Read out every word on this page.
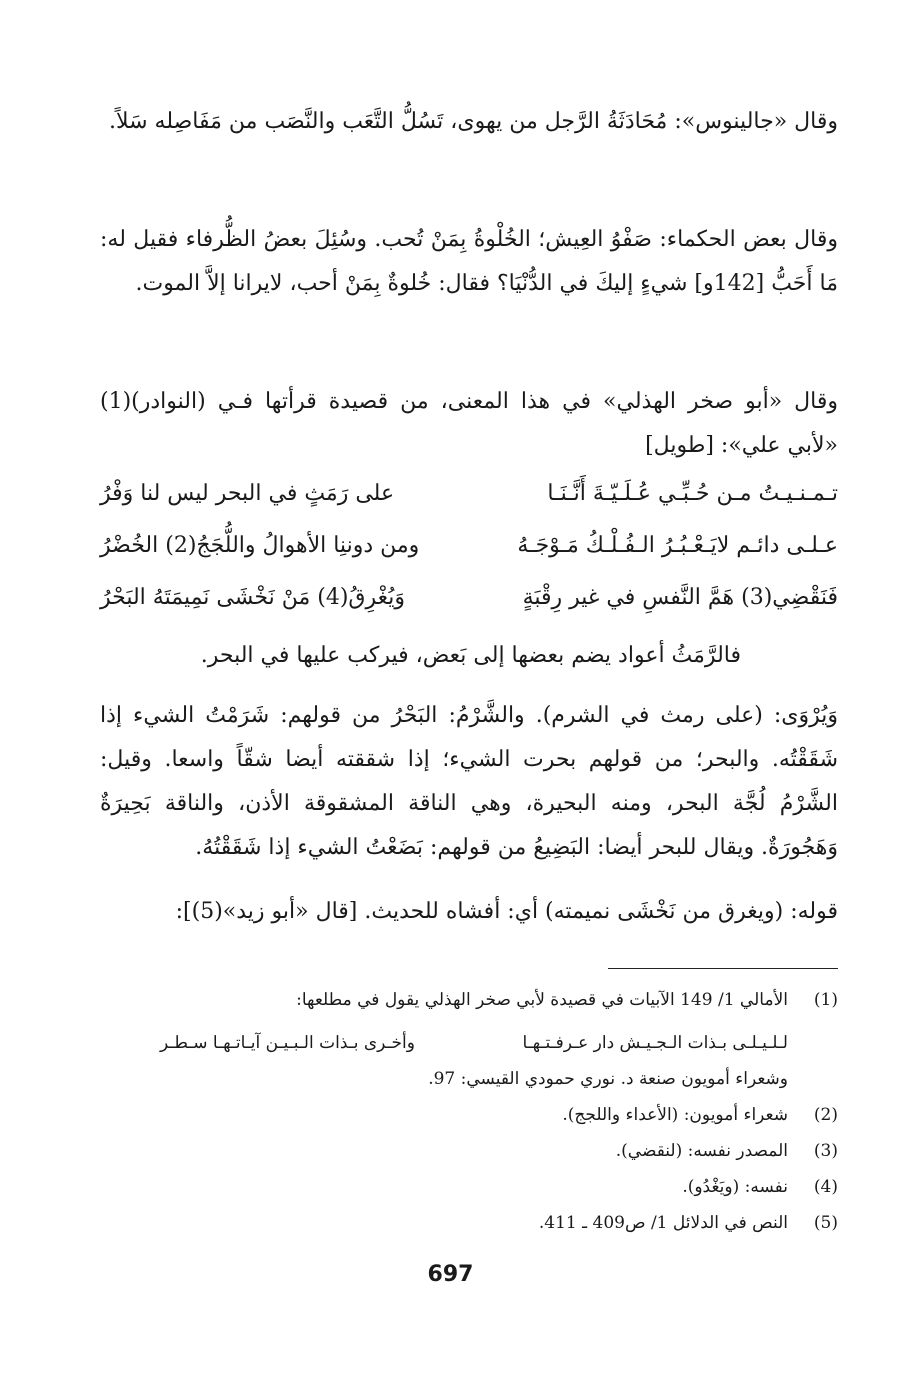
وقال «جالينوس»: مُحَادَثَةُ الرَّجل من يهوى، تَسُلُّ التَّعَب والنَّصَب من مَفَاصِله سَلاً.

وقال بعض الحكماء: صَفْوُ العِيش؛ الخُلْوةُ بِمَنْ تُحب. وسُئِلَ بعضُ الظُّرفاء فقيل له: مَا أَحَبُّ [142و] شيءٍ إليكَ في الدُّنْيَا؟ فقال: خُلوةٌ بِمَنْ أحب، لايرانا إلاَّ الموت.

وقال «أبو صخر الهذلي» في هذا المعنى، من قصيدة قرأتها فـي (النوادر)(1) «لأبي علي»: [طويل]

تـمـنـيـتُ مـن حُـبِّـي عُـلَـيّـةَ أَنَّـنَـا
على رَمَثٍ في البحر ليس لنا وَفْرُ
عـلـى دائـم لايَـعْـبُـرُ الـفُـلْـكُ مَـوْجَـهُ
ومن دوننِا الأهوالُ واللُّجَجُ(2) الخُضْرُ
فَنَقْضِي(3) هَمَّ النَّفسِ في غير رِقْبَةٍ
وَيُغْرِقُ(4) مَنْ نَخْشَى نَمِيمَتَهُ البَحْرُ

فالرَّمَثُ أعواد يضم بعضها إلى بَعض، فيركب عليها في البحر.

وَيُرْوَى: (على رمث في الشرم). والشَّرْمُ: البَحْرُ من قولهم: شَرَمْتُ الشيء إذا شَقَقْتُه. والبحر؛ من قولهم بحرت الشيء؛ إذا شققته أيضا شقّاً واسعا. وقيل: الشَّرْمُ لُجَّة البحر، ومنه البحيرة، وهي الناقة المشقوقة الأذن، والناقة بَحِيرَةٌ وَهَجُورَةٌ. ويقال للبحر أيضا: البَضِيعُ من قولهم: بَضَعْتُ الشيء إذا شَقَقْتُهُ.

قوله: (ويغرق من نَخْشَى نميمته) أي: أفشاه للحديث. [قال «أبو زيد»(5)]:

(1)
الأمالي 1/ 149 الآبيات في قصيدة لأبي صخر الهذلي يقول في مطلعها:
لـلـيـلـى بـذات الـجـيـش دار عـرفـتـهـا
وأخـرى بـذات الـبـيـن آيـاتـهـا سـطـر
وشعراء أمويون صنعة د. نوري حمودي القيسي: 97.
(2)
شعراء أمويون: (الأعداء واللجج).
(3)
المصدر نفسه: (لنقضي).
(4)
نفسه: (ويَغْدُو).
(5)
النص في الدلائل 1/ ص409 ـ 411.
697
